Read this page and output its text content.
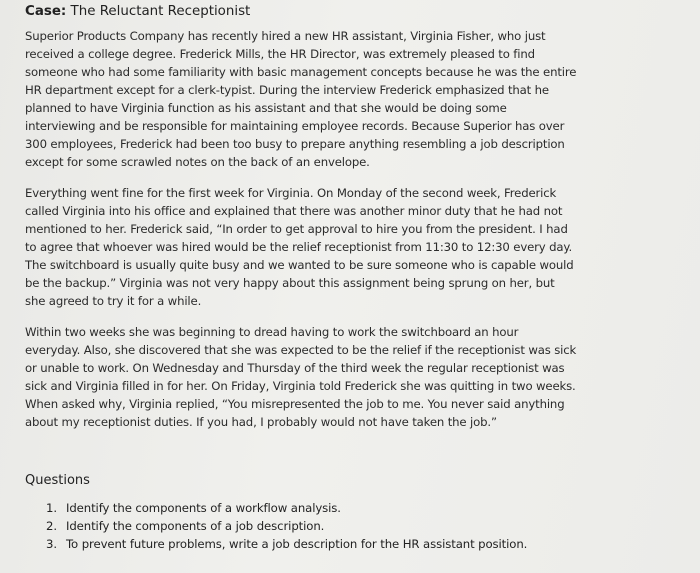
Case: The Reluctant Receptionist

Superior Products Company has recently hired a new HR assistant, Virginia Fisher, who just received a college degree. Frederick Mills, the HR Director, was extremely pleased to find someone who had some familiarity with basic management concepts because he was the entire HR department except for a clerk-typist. During the interview Frederick emphasized that he planned to have Virginia function as his assistant and that she would be doing some interviewing and be responsible for maintaining employee records. Because Superior has over 300 employees, Frederick had been too busy to prepare anything resembling a job description except for some scrawled notes on the back of an envelope.

Everything went fine for the first week for Virginia. On Monday of the second week, Frederick called Virginia into his office and explained that there was another minor duty that he had not mentioned to her. Frederick said, “In order to get approval to hire you from the president. I had to agree that whoever was hired would be the relief receptionist from 11:30 to 12:30 every day. The switchboard is usually quite busy and we wanted to be sure someone who is capable would be the backup.” Virginia was not very happy about this assignment being sprung on her, but she agreed to try it for a while.

Within two weeks she was beginning to dread having to work the switchboard an hour everyday. Also, she discovered that she was expected to be the relief if the receptionist was sick or unable to work. On Wednesday and Thursday of the third week the regular receptionist was sick and Virginia filled in for her. On Friday, Virginia told Frederick she was quitting in two weeks. When asked why, Virginia replied, “You misrepresented the job to me. You never said anything about my receptionist duties. If you had, I probably would not have taken the job.”

Questions
1. Identify the components of a workflow analysis.
2. Identify the components of a job description.
3. To prevent future problems, write a job description for the HR assistant position.
